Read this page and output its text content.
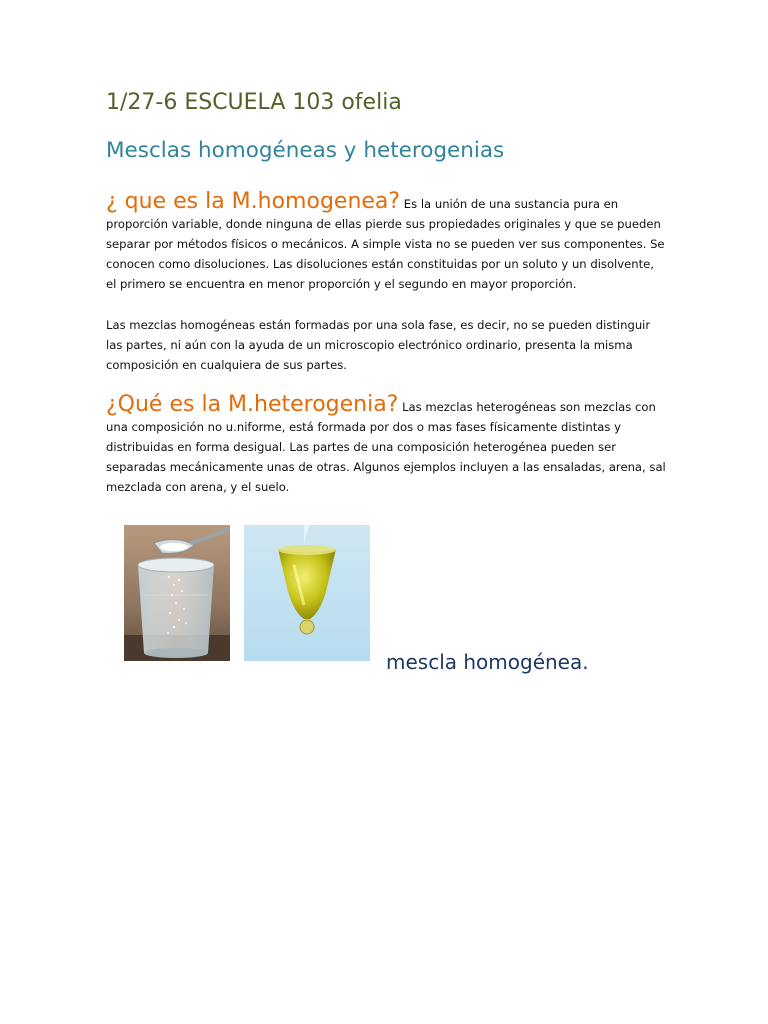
1/27-6 ESCUELA 103 ofelia
Mesclas homogéneas y heterogenias
¿ que es la M.homogenea? Es la unión de una sustancia pura en proporción variable, donde ninguna de ellas pierde sus propiedades originales y que se pueden separar por métodos físicos o mecánicos. A simple vista no se pueden ver sus componentes. Se conocen como disoluciones. Las disoluciones están constituidas por un soluto y un disolvente, el primero se encuentra en menor proporción y el segundo en mayor proporción.
Las mezclas homogéneas están formadas por una sola fase, es decir, no se pueden distinguir las partes, ni aún con la ayuda de un microscopio electrónico ordinario, presenta la misma composición en cualquiera de sus partes.
¿Qué es la M.heterogenia? Las mezclas heterogéneas son mezclas con una composición no u.niforme, está formada por dos o mas fases físicamente distintas y distribuidas en forma desigual. Las partes de una composición heterogénea pueden ser separadas mecánicamente unas de otras. Algunos ejemplos incluyen a las ensaladas, arena, sal mezclada con arena, y el suelo.
mescla homogénea.
